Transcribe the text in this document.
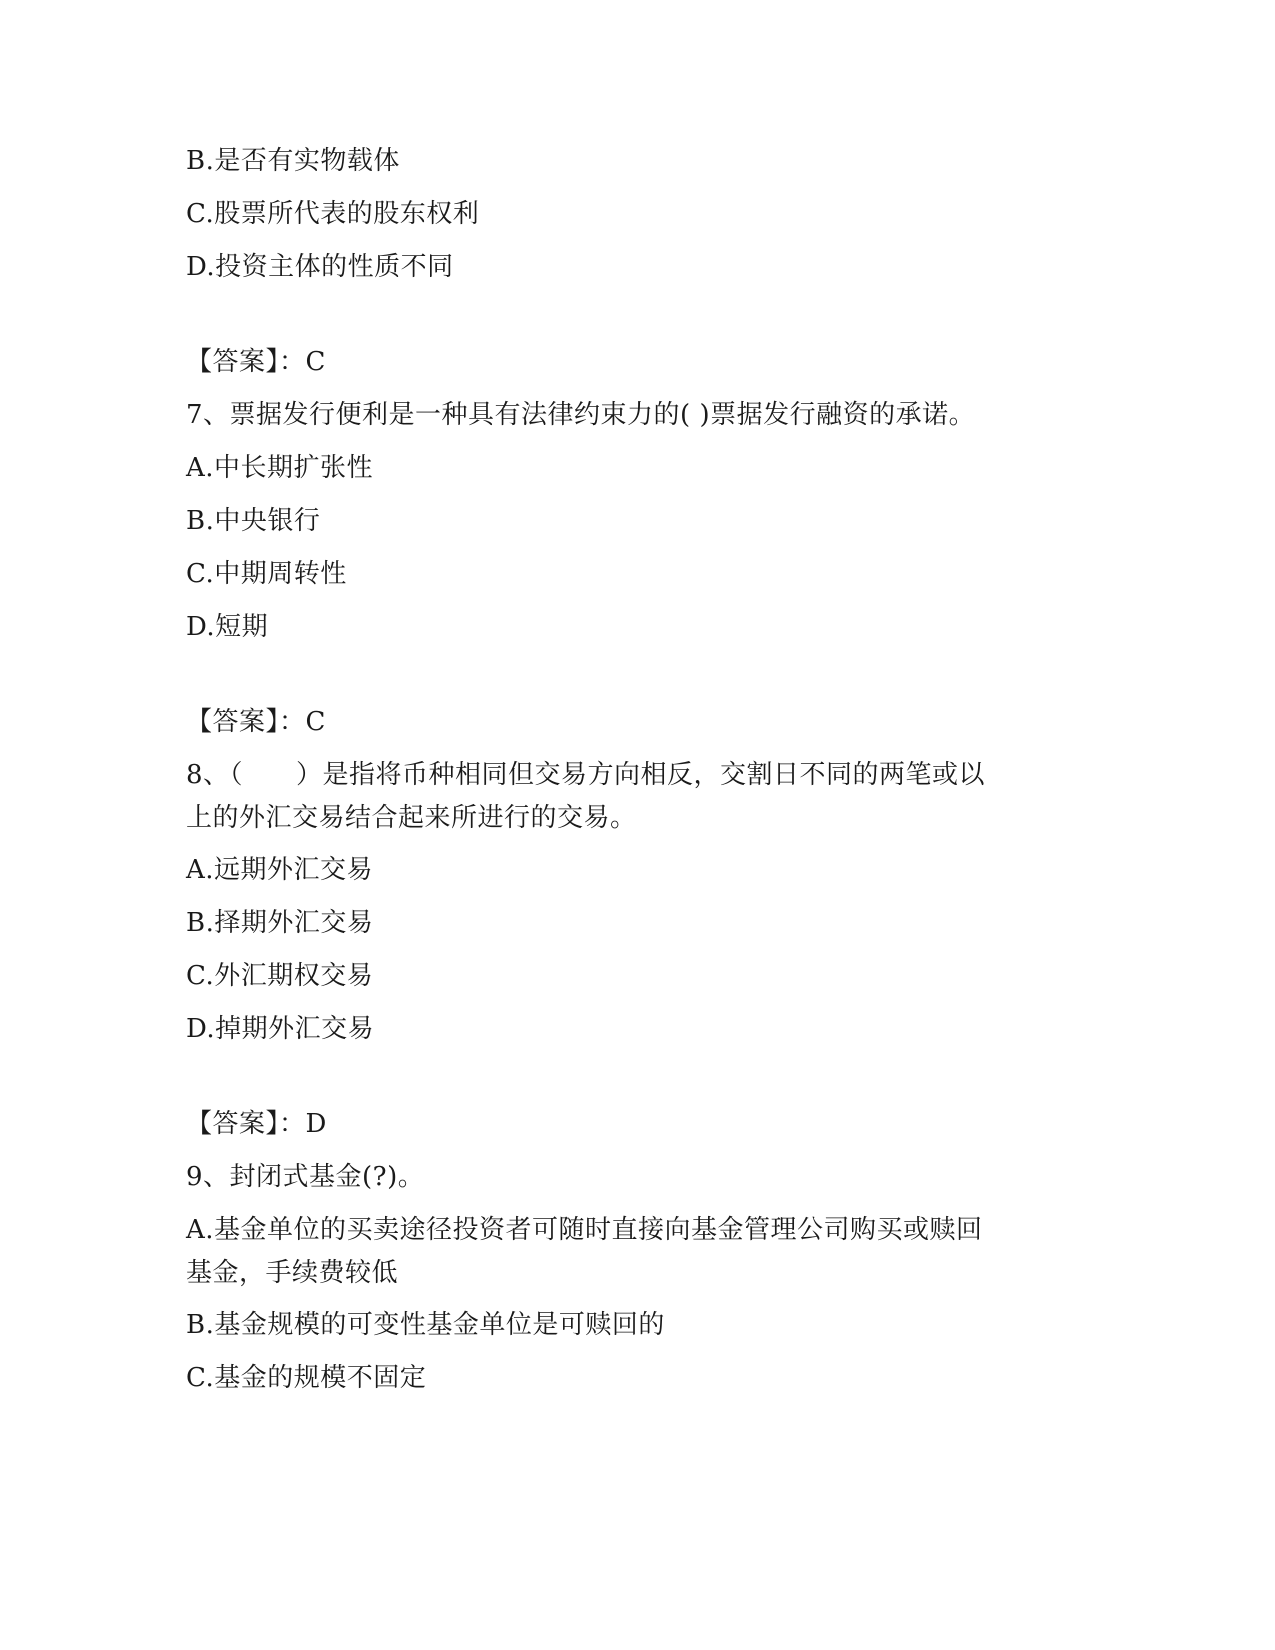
B.是否有实物载体
C.股票所代表的股东权利
D.投资主体的性质不同
【答案】：C
7、票据发行便利是一种具有法律约束力的( )票据发行融资的承诺。
A.中长期扩张性
B.中央银行
C.中期周转性
D.短期
【答案】：C
8、（　　）是指将币种相同但交易方向相反，交割日不同的两笔或以
上的外汇交易结合起来所进行的交易。
A.远期外汇交易
B.择期外汇交易
C.外汇期权交易
D.掉期外汇交易
【答案】：D
9、封闭式基金(?)。
A.基金单位的买卖途径投资者可随时直接向基金管理公司购买或赎回
基金，手续费较低
B.基金规模的可变性基金单位是可赎回的
C.基金的规模不固定
